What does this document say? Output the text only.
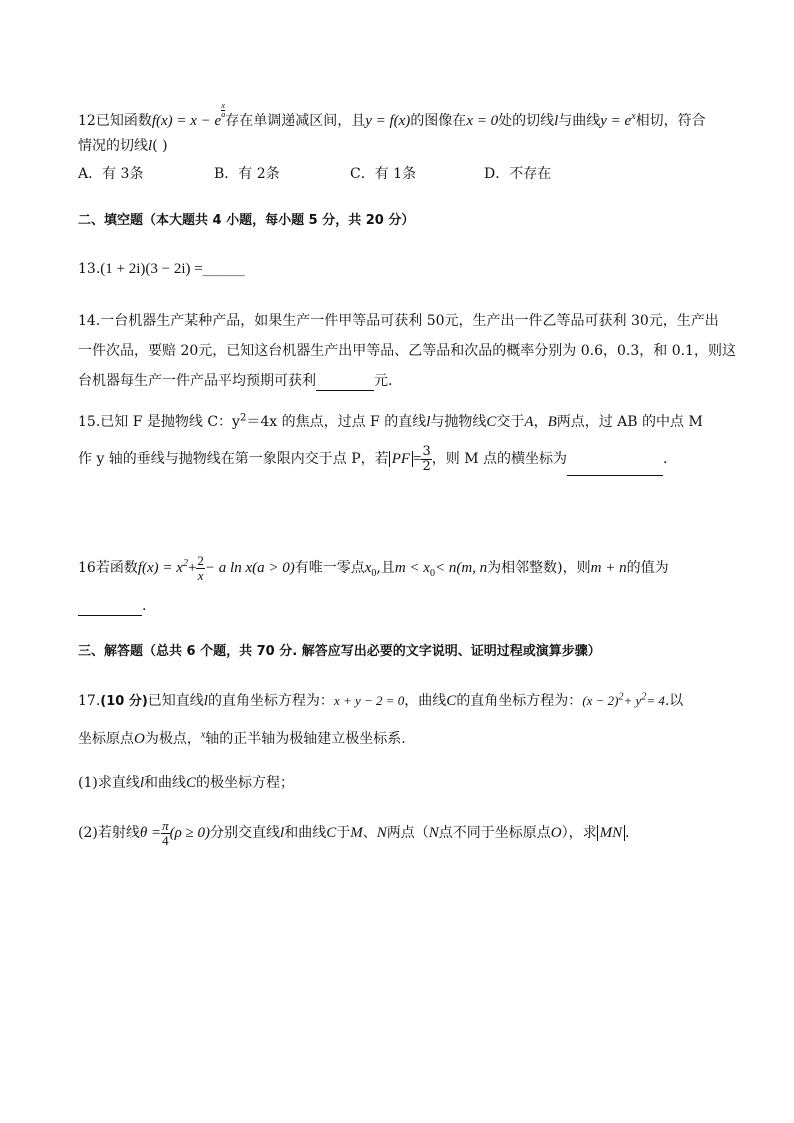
12已知函数f(x) = x − e
$\frac{x}{a}$存在单调递减区间，且y = f(x)的图像在x = 0处的切线l与曲线$y = e^x$相切，符合
情况的切线l( )
A．有 3条	B．有 2条	C．有 1条	D．不存在
二、填空题（本大题共 4 小题，每小题 5 分，共 20 分）
13.(1 + 2i)(3 − 2i) =______
14.一台机器生产某种产品，如果生产一件甲等品可获利 50元，生产出一件乙等品可获利 30元，生产出
一件次品，要赔 20元，已知这台机器生产出甲等品、乙等品和次品的概率分别为 0.6，0.3，和 0.1，则这
台机器每生产一件产品平均预期可获利	元．
15.已知 F 是抛物线 C：$y^2=4x$ 的焦点，过点 F 的直线l与抛物线C交于A，B两点，过 AB 的中点 M
作 y 轴的垂线与抛物线在第一象限内交于点 P，若 PF = $\frac{3}{2}$ ，则 M 点的横坐标为	．
16若函数$f(x) = x^2+ \frac{2}{x} - a$ ln x(a > 0)有唯一零点$x_0$,且$m < x_0< n(m$, n为相邻整数)，则m + n的值为
.
三、解答题（总共 6 个题，共 70 分. 解答应写出必要的文字说明、证明过程或演算步骤）
17.(10 分)已知直线l的直角坐标方程为：x + y − 2 = 0，曲线C的直角坐标方程为：$(x - 2)^2+ y^2= 4$.以
坐标原点O为极点，$^x$轴的正半轴为极轴建立极坐标系.
(1)求直线l和曲线C的极坐标方程；
(2)若射线$\theta = \frac{\pi}{4} (\rho \ge 0)$分别交直线l和曲线C于M、N两点（N点不同于坐标原点O），求 MN .
